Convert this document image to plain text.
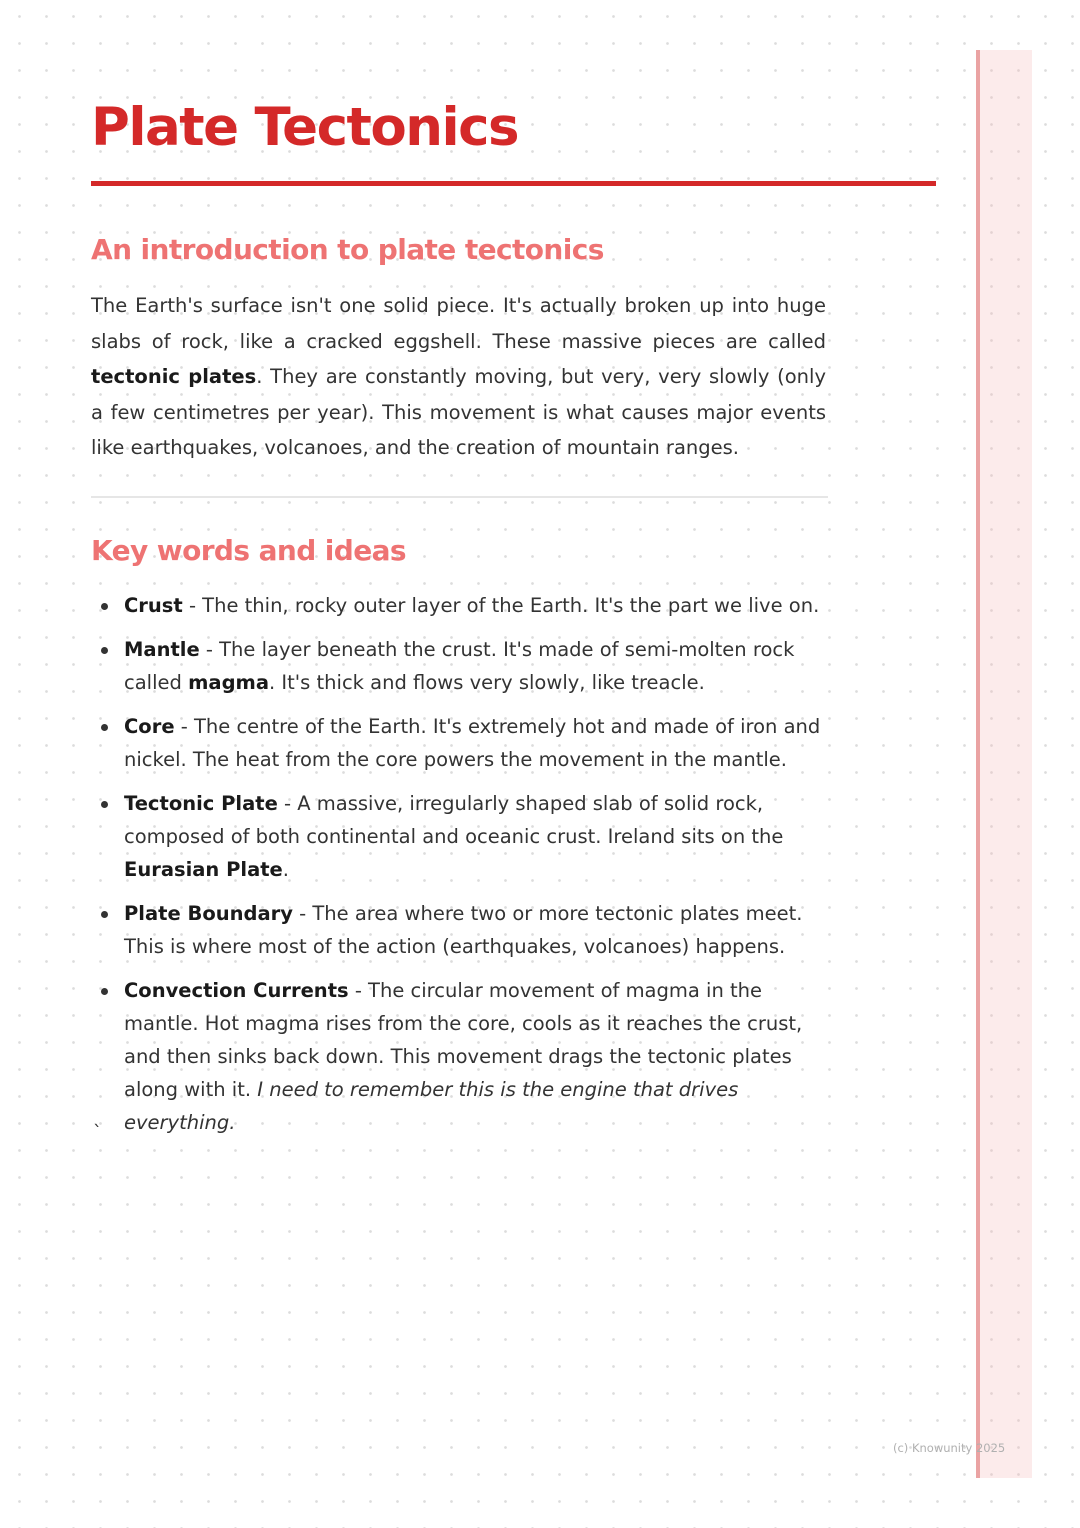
Plate Tectonics
An introduction to plate tectonics

The Earth's surface isn't one solid piece. It's actually broken up into huge slabs of rock, like a cracked eggshell. These massive pieces are called tectonic plates. They are constantly moving, but very, very slowly (only a few centimetres per year). This movement is what causes major events like earthquakes, volcanoes, and the creation of mountain ranges.

Key words and ideas
Crust - The thin, rocky outer layer of the Earth. It's the part we live on.
Mantle - The layer beneath the crust. It's made of semi-molten rock called magma. It's thick and flows very slowly, like treacle.
Core - The centre of the Earth. It's extremely hot and made of iron and nickel. The heat from the core powers the movement in the mantle.
Tectonic Plate - A massive, irregularly shaped slab of solid rock, composed of both continental and oceanic crust. Ireland sits on the Eurasian Plate.
Plate Boundary - The area where two or more tectonic plates meet. This is where most of the action (earthquakes, volcanoes) happens.
Convection Currents - The circular movement of magma in the mantle. Hot magma rises from the core, cools as it reaches the crust, and then sinks back down. This movement drags the tectonic plates along with it. I need to remember this is the engine that drives everything.
`
(c) Knowunity 2025
